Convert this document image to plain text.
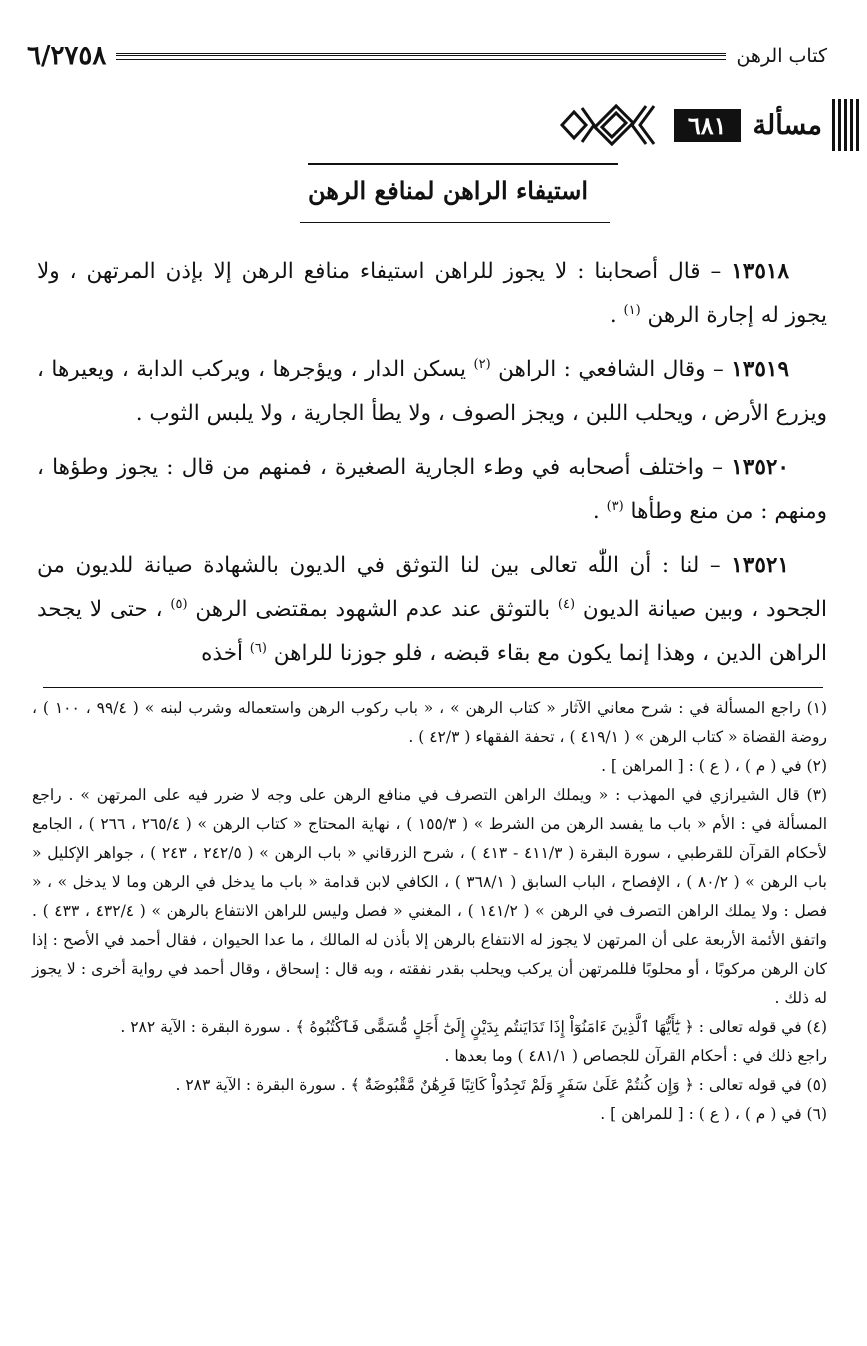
كتاب الرهن
٦/٢٧٥٨
مسألة
٦٨١
استيفاء الراهن لمنافع الرهن

١٣٥١٨ – قال أصحابنا : لا يجوز للراهن استيفاء منافع الرهن إلا بإذن المرتهن ، ولا يجوز له إجارة الرهن $^{(١)}$ .

١٣٥١٩ – وقال الشافعي : الراهن $^{(٢)}$ يسكن الدار ، ويؤجرها ، ويركب الدابة ، ويعيرها ، ويزرع الأرض ، ويحلب اللبن ، ويجز الصوف ، ولا يطأ الجارية ، ولا يلبس الثوب .

١٣٥٢٠ – واختلف أصحابه في وطء الجارية الصغيرة ، فمنهم من قال : يجوز وطؤها ، ومنهم : من منع وطأها $^{(٣)}$ .

١٣٥٢١ – لنا : أن اللّٰه تعالى بين لنا التوثق في الديون بالشهادة صيانة للديون من الجحود ، وبين صيانة الديون $^{(٤)}$ بالتوثق عند عدم الشهود بمقتضى الرهن $^{(٥)}$ ، حتى لا يجحد الراهن الدين ، وهذا إنما يكون مع بقاء قبضه ، فلو جوزنا للراهن $^{(٦)}$ أخذه

(١) راجع المسألة في : شرح معاني الآثار « كتاب الرهن » ، « باب ركوب الرهن واستعماله وشرب لبنه » ( ٩٩/٤ ، ١٠٠ ) ، روضة القضاة « كتاب الرهن » ( ٤١٩/١ ) ، تحفة الفقهاء ( ٤٢/٣ ) .

(٢) في ( م ) ، ( ع ) : [ المراهن ] .

(٣) قال الشيرازي في المهذب : « ويملك الراهن التصرف في منافع الرهن على وجه لا ضرر فيه على المرتهن » . راجع المسألة في : الأم « باب ما يفسد الرهن من الشرط » ( ١٥٥/٣ ) ، نهاية المحتاج « كتاب الرهن » ( ٢٦٥/٤ ، ٢٦٦ ) ، الجامع لأحكام القرآن للقرطبي ، سورة البقرة ( ٤١١/٣ - ٤١٣ ) ، شرح الزرقاني « باب الرهن » ( ٢٤٢/٥ ، ٢٤٣ ) ، جواهر الإكليل « باب الرهن » ( ٨٠/٢ ) ، الإفصاح ، الباب السابق ( ٣٦٨/١ ) ، الكافي لابن قدامة « باب ما يدخل في الرهن وما لا يدخل » ، « فصل : ولا يملك الراهن التصرف في الرهن » ( ١٤١/٢ ) ، المغني « فصل وليس للراهن الانتفاع بالرهن » ( ٤٣٢/٤ ، ٤٣٣ ) . واتفق الأئمة الأربعة على أن المرتهن لا يجوز له الانتفاع بالرهن إلا بأذن له المالك ، ما عدا الحيوان ، فقال أحمد في الأصح : إذا كان الرهن مركوبًا ، أو محلوبًا فللمرتهن أن يركب ويحلب بقدر نفقته ، وبه قال : إسحاق ، وقال أحمد في رواية أخرى : لا يجوز له ذلك .

(٤) في قوله تعالى : ﴿ يَٰٓأَيُّهَا ٱلَّذِينَ ءَامَنُوٓاْ إِذَا تَدَايَنتُم بِدَيْنٍ إِلَىٰٓ أَجَلٍ مُّسَمًّى فَٱكْتُبُوهُ ﴾ . سورة البقرة : الآية ٢٨٢ .

راجع ذلك في : أحكام القرآن للجصاص ( ٤٨١/١ ) وما بعدها .

(٥) في قوله تعالى : ﴿ وَإِن كُنتُمْ عَلَىٰ سَفَرٍ وَلَمْ تَجِدُواْ كَاتِبًا فَرِهَٰنٌ مَّقْبُوضَةٌ ﴾ . سورة البقرة : الآية ٢٨٣ .

(٦) في ( م ) ، ( ع ) : [ للمراهن ] .
